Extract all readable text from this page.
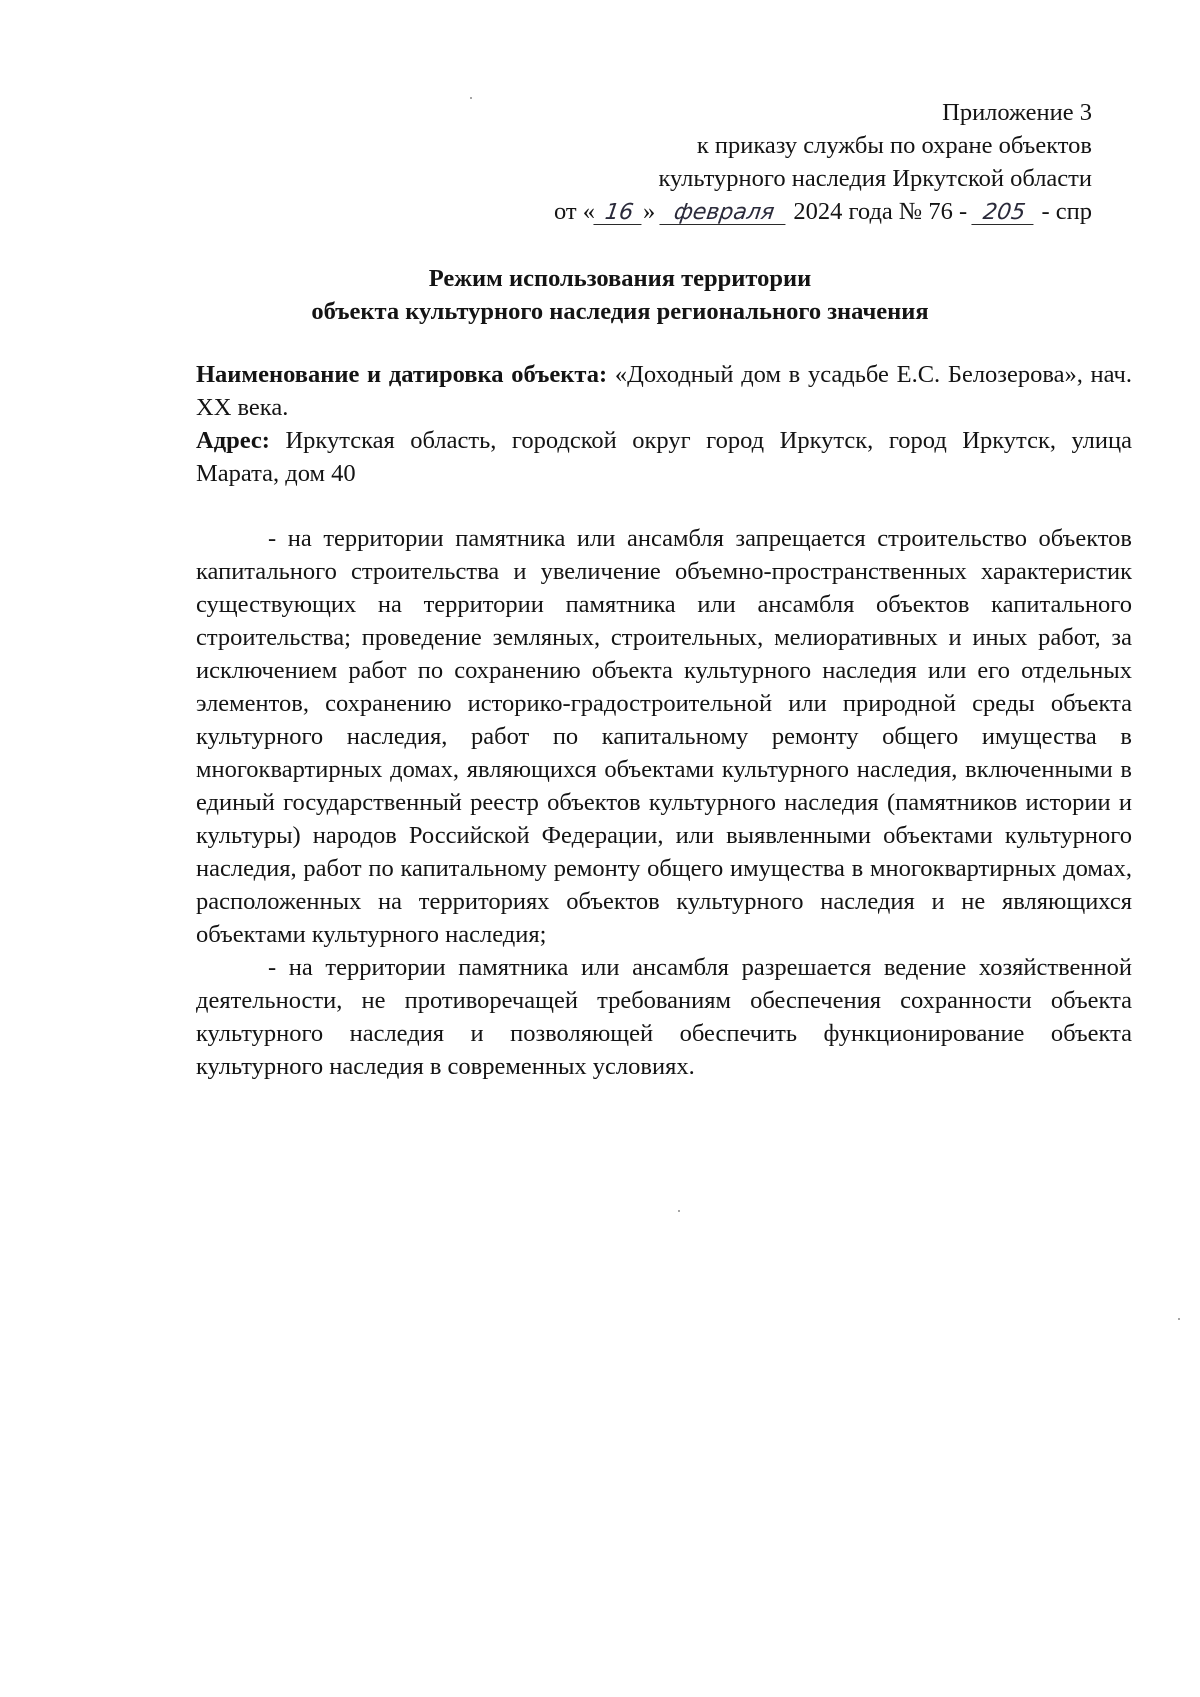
Приложение 3
к приказу службы по охране объектов
культурного наследия Иркутской области
от « 16 » февраля 2024 года № 76 - 205 - спр
Режим использования территории
объекта культурного наследия регионального значения

Наименование и датировка объекта: «Доходный дом в усадьбе Е.С. Белозерова», нач. XX века.

Адрес: Иркутская область, городской округ город Иркутск, город Иркутск, улица Марата, дом 40

- на территории памятника или ансамбля запрещается строительство объектов капитального строительства и увеличение объемно-пространственных характеристик существующих на территории памятника или ансамбля объектов капитального строительства; проведение земляных, строительных, мелиоративных и иных работ, за исключением работ по сохранению объекта культурного наследия или его отдельных элементов, сохранению историко-градостроительной или природной среды объекта культурного наследия, работ по капитальному ремонту общего имущества в многоквартирных домах, являющихся объектами культурного наследия, включенными в единый государственный реестр объектов культурного наследия (памятников истории и культуры) народов Российской Федерации, или выявленными объектами культурного наследия, работ по капитальному ремонту общего имущества в многоквартирных домах, расположенных на территориях объектов культурного наследия и не являющихся объектами культурного наследия;

- на территории памятника или ансамбля разрешается ведение хозяйственной деятельности, не противоречащей требованиям обеспечения сохранности объекта культурного наследия и позволяющей обеспечить функционирование объекта культурного наследия в современных условиях.
